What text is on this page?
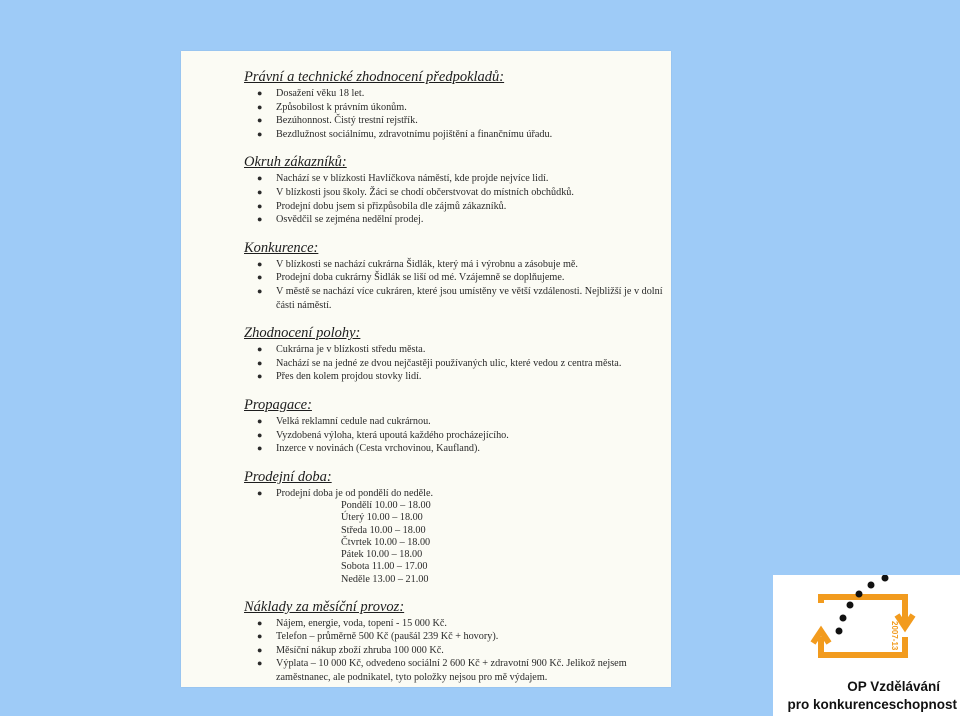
Právní a technické zhodnocení předpokladů:
● Dosažení věku 18 let.
● Způsobilost k právním úkonům.
● Bezúhonnost. Čistý trestní rejstřík.
● Bezdlužnost sociálnímu, zdravotnímu pojištění a finančnímu úřadu.
Okruh zákazníků:
● Nachází se v blízkosti Havlíčkova náměstí, kde projde nejvíce lidí.
● V blízkosti jsou školy. Žáci se chodí občerstvovat do místních obchůdků.
● Prodejní dobu jsem si přizpůsobila dle zájmů zákazníků.
● Osvědčil se zejména nedělní prodej.
Konkurence:
● V blízkosti se nachází cukrárna Šidlák, který má i výrobnu a zásobuje mě.
● Prodejní doba cukrárny Šidlák se liší od mé. Vzájemně se doplňujeme.
● V městě se nachází více cukráren, které jsou umístěny ve větší vzdálenosti. Nejbližší je v dolní části náměstí.
Zhodnocení polohy:
● Cukrárna je v blízkosti středu města.
● Nachází se na jedné ze dvou nejčastěji používaných ulic, které vedou z centra města.
● Přes den kolem projdou stovky lidí.
Propagace:
● Velká reklamní cedule nad cukrárnou.
● Vyzdobená výloha, která upoutá každého procházejícího.
● Inzerce v novinách (Cesta vrchovinou, Kaufland).
Prodejní doba:
● Prodejní doba je od pondělí do neděle.
Pondělí 10.00 – 18.00
Úterý 10.00 – 18.00
Středa 10.00 – 18.00
Čtvrtek 10.00 – 18.00
Pátek 10.00 – 18.00
Sobota 11.00 – 17.00
Neděle 13.00 – 21.00
Náklady za měsíční provoz:
● Nájem, energie, voda, topení - 15 000 Kč.
● Telefon – průměrně 500 Kč (paušál 239 Kč + hovory).
● Měsíční nákup zboží zhruba 100 000 Kč.
● Výplata – 10 000 Kč, odvedeno sociální 2 600 Kč + zdravotní 900 Kč. Jelikož nejsem zaměstnanec, ale podnikatel, tyto položky nejsou pro mě výdajem.
2007-13
OP Vzdělávání
pro konkurenceschopnost
